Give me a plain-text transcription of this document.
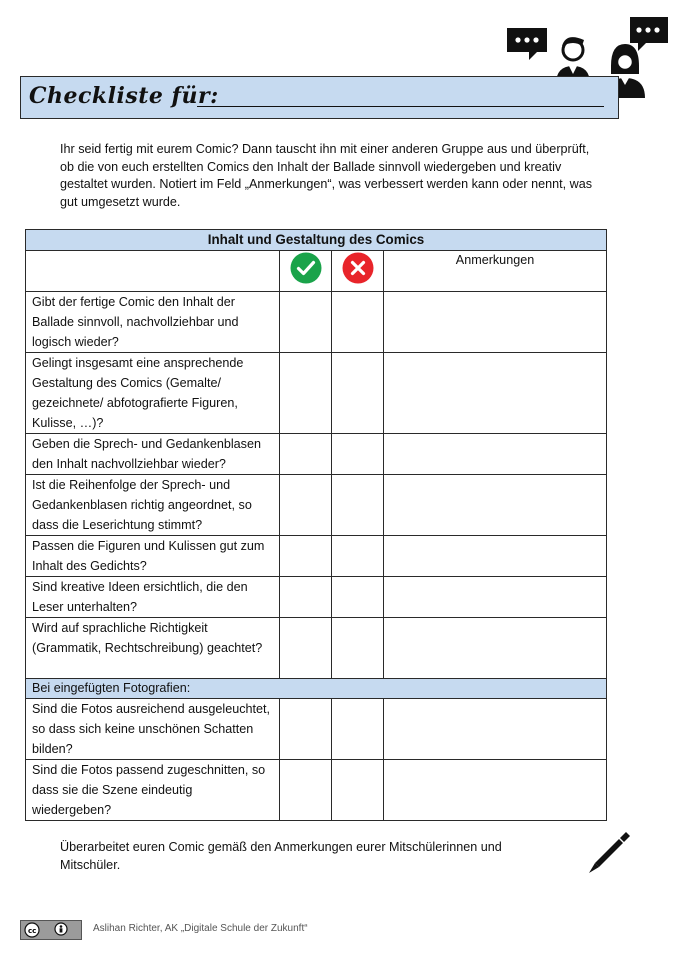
Checkliste für:

Ihr seid fertig mit eurem Comic? Dann tauscht ihn mit einer anderen Gruppe aus und überprüft, ob die von euch erstellten Comics den Inhalt der Ballade sinnvoll wiedergeben und kreativ gestaltet wurden. Notiert im Feld „Anmerkungen“, was verbessert werden kann oder nennt, was gut umgesetzt wurde.

Inhalt und Gestaltung des Comics			
			Anmerkungen
Gibt der fertige Comic den Inhalt der Ballade sinnvoll, nachvollziehbar und logisch wieder?			
Gelingt insgesamt eine ansprechende Gestaltung des Comics (Gemalte/ gezeichnete/ abfotografierte Figuren, Kulisse, …)?			
Geben die Sprech- und Gedankenblasen den Inhalt nachvollziehbar wieder?			
Ist die Reihenfolge der Sprech- und Gedankenblasen richtig angeordnet, so dass die Leserichtung stimmt?			
Passen die Figuren und Kulissen gut zum Inhalt des Gedichts?			
Sind kreative Ideen ersichtlich, die den Leser unterhalten?			
Wird auf sprachliche Richtigkeit (Grammatik, Rechtschreibung) geachtet?			
Bei eingefügten Fotografien:			
Sind die Fotos ausreichend ausgeleuchtet, so dass sich keine unschönen Schatten bilden?			
Sind die Fotos passend zugeschnitten, so dass sie die Szene eindeutig wiedergeben?			

Überarbeitet euren Comic gemäß den Anmerkungen eurer Mitschülerinnen und Mitschüler.

cc	Aslihan Richter, AK „Digitale Schule der Zukunft“
